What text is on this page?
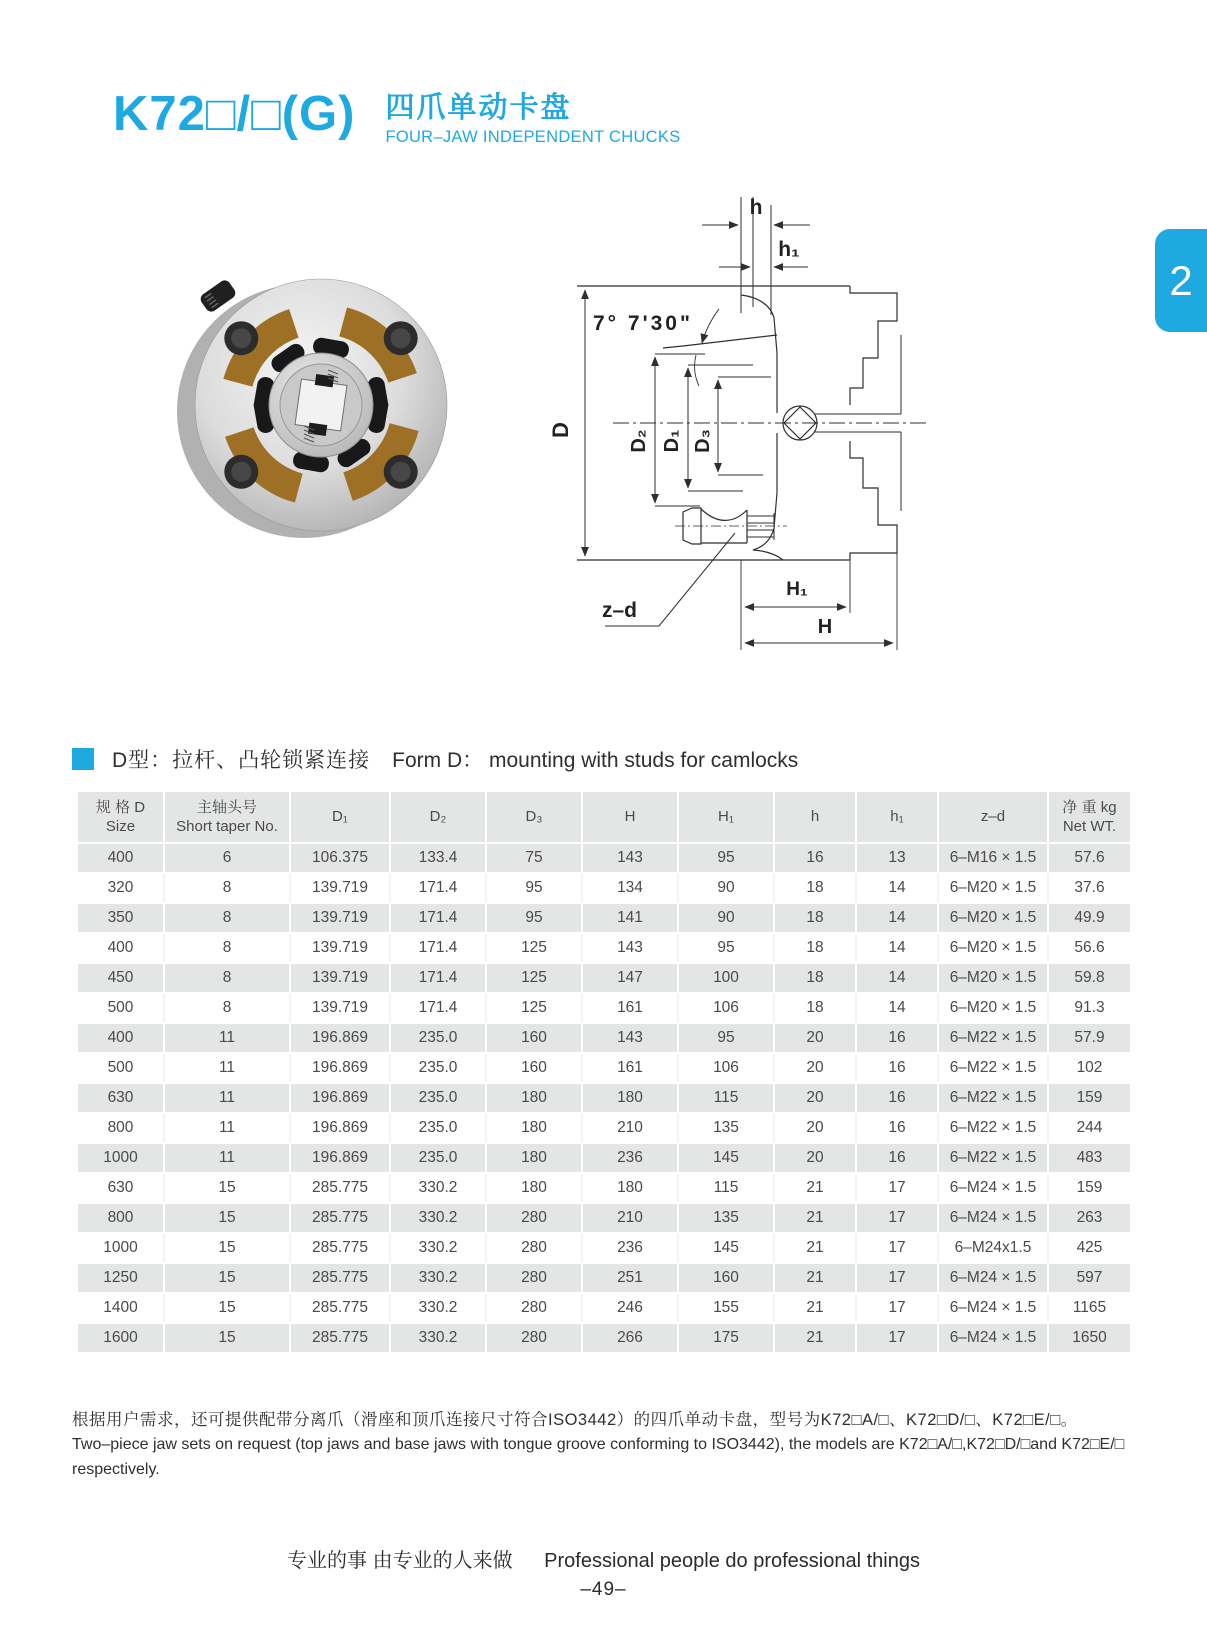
K72□/□(G) 四爪单动卡盘
FOUR–JAW INDEPENDENT CHUCKS
2
h
h₁
7° 7'30"
D	D₂ D₁ D₃
z–d
H₁
H
D型：拉杆、凸轮锁紧连接 Form D： mounting with studs for camlocks
规 格 D
Size	主轴头号
Short taper No.	D₁	D₂	D₃	H	H₁	h	h₁	z–d	净 重 kg
Net WT.

400	6	106.375	133.4	75	143	95	16	13	6–M16 × 1.5	57.6
320	8	139.719	171.4	95	134	90	18	14	6–M20 × 1.5	37.6
350	8	139.719	171.4	95	141	90	18	14	6–M20 × 1.5	49.9
400	8	139.719	171.4	125	143	95	18	14	6–M20 × 1.5	56.6
450	8	139.719	171.4	125	147	100	18	14	6–M20 × 1.5	59.8
500	8	139.719	171.4	125	161	106	18	14	6–M20 × 1.5	91.3
400	11	196.869	235.0	160	143	95	20	16	6–M22 × 1.5	57.9
500	11	196.869	235.0	160	161	106	20	16	6–M22 × 1.5	102
630	11	196.869	235.0	180	180	115	20	16	6–M22 × 1.5	159
800	11	196.869	235.0	180	210	135	20	16	6–M22 × 1.5	244
1000	11	196.869	235.0	180	236	145	20	16	6–M22 × 1.5	483
630	15	285.775	330.2	180	180	115	21	17	6–M24 × 1.5	159
800	15	285.775	330.2	280	210	135	21	17	6–M24 × 1.5	263
1000	15	285.775	330.2	280	236	145	21	17	6–M24x1.5	425
1250	15	285.775	330.2	280	251	160	21	17	6–M24 × 1.5	597
1400	15	285.775	330.2	280	246	155	21	17	6–M24 × 1.5	1165
1600	15	285.775	330.2	280	266	175	21	17	6–M24 × 1.5	1650
根据用户需求，还可提供配带分离爪（滑座和顶爪连接尺寸符合ISO3442）的四爪单动卡盘，型号为K72□A/□、K72□D/□、K72□E/□。
Two–piece jaw sets on request (top jaws and base jaws with tongue groove conforming to ISO3442), the models are K72□A/□,K72□D/□and K72□E/□ respectively.
专业的事 由专业的人来做 Professional people do professional things
–49–
